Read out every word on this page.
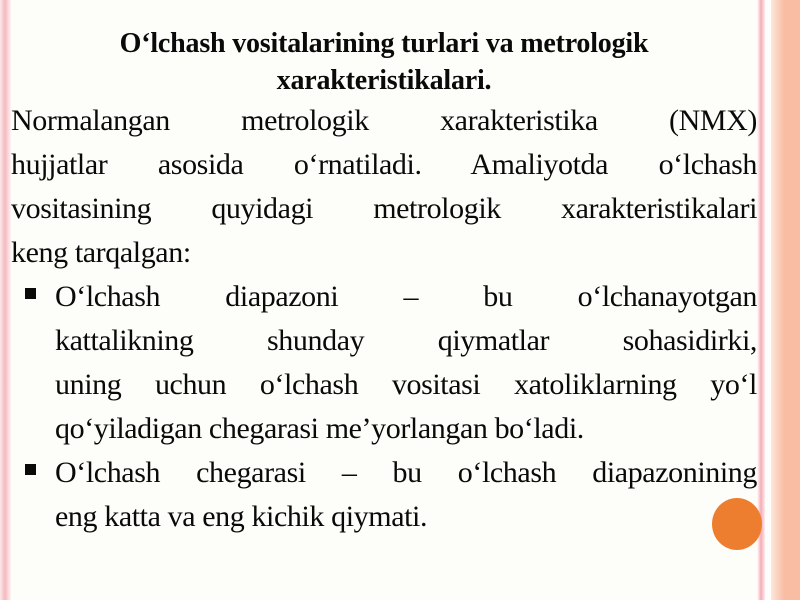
O‘lchash vositalarining turlari va metrologik
xarakteristikalari.
Normalangan metrologik xarakteristika (NMX)
hujjatlar asosida o‘rnatiladi. Amaliyotda o‘lchash
vositasining quyidagi metrologik xarakteristikalari
keng tarqalgan:
O‘lchash diapazoni – bu o‘lchanayotgan
kattalikning shunday qiymatlar sohasidirki,
uning uchun o‘lchash vositasi xatoliklarning yo‘l
qo‘yiladigan chegarasi me’yorlangan bo‘ladi.
O‘lchash chegarasi – bu o‘lchash diapazonining
eng katta va eng kichik qiymati.
